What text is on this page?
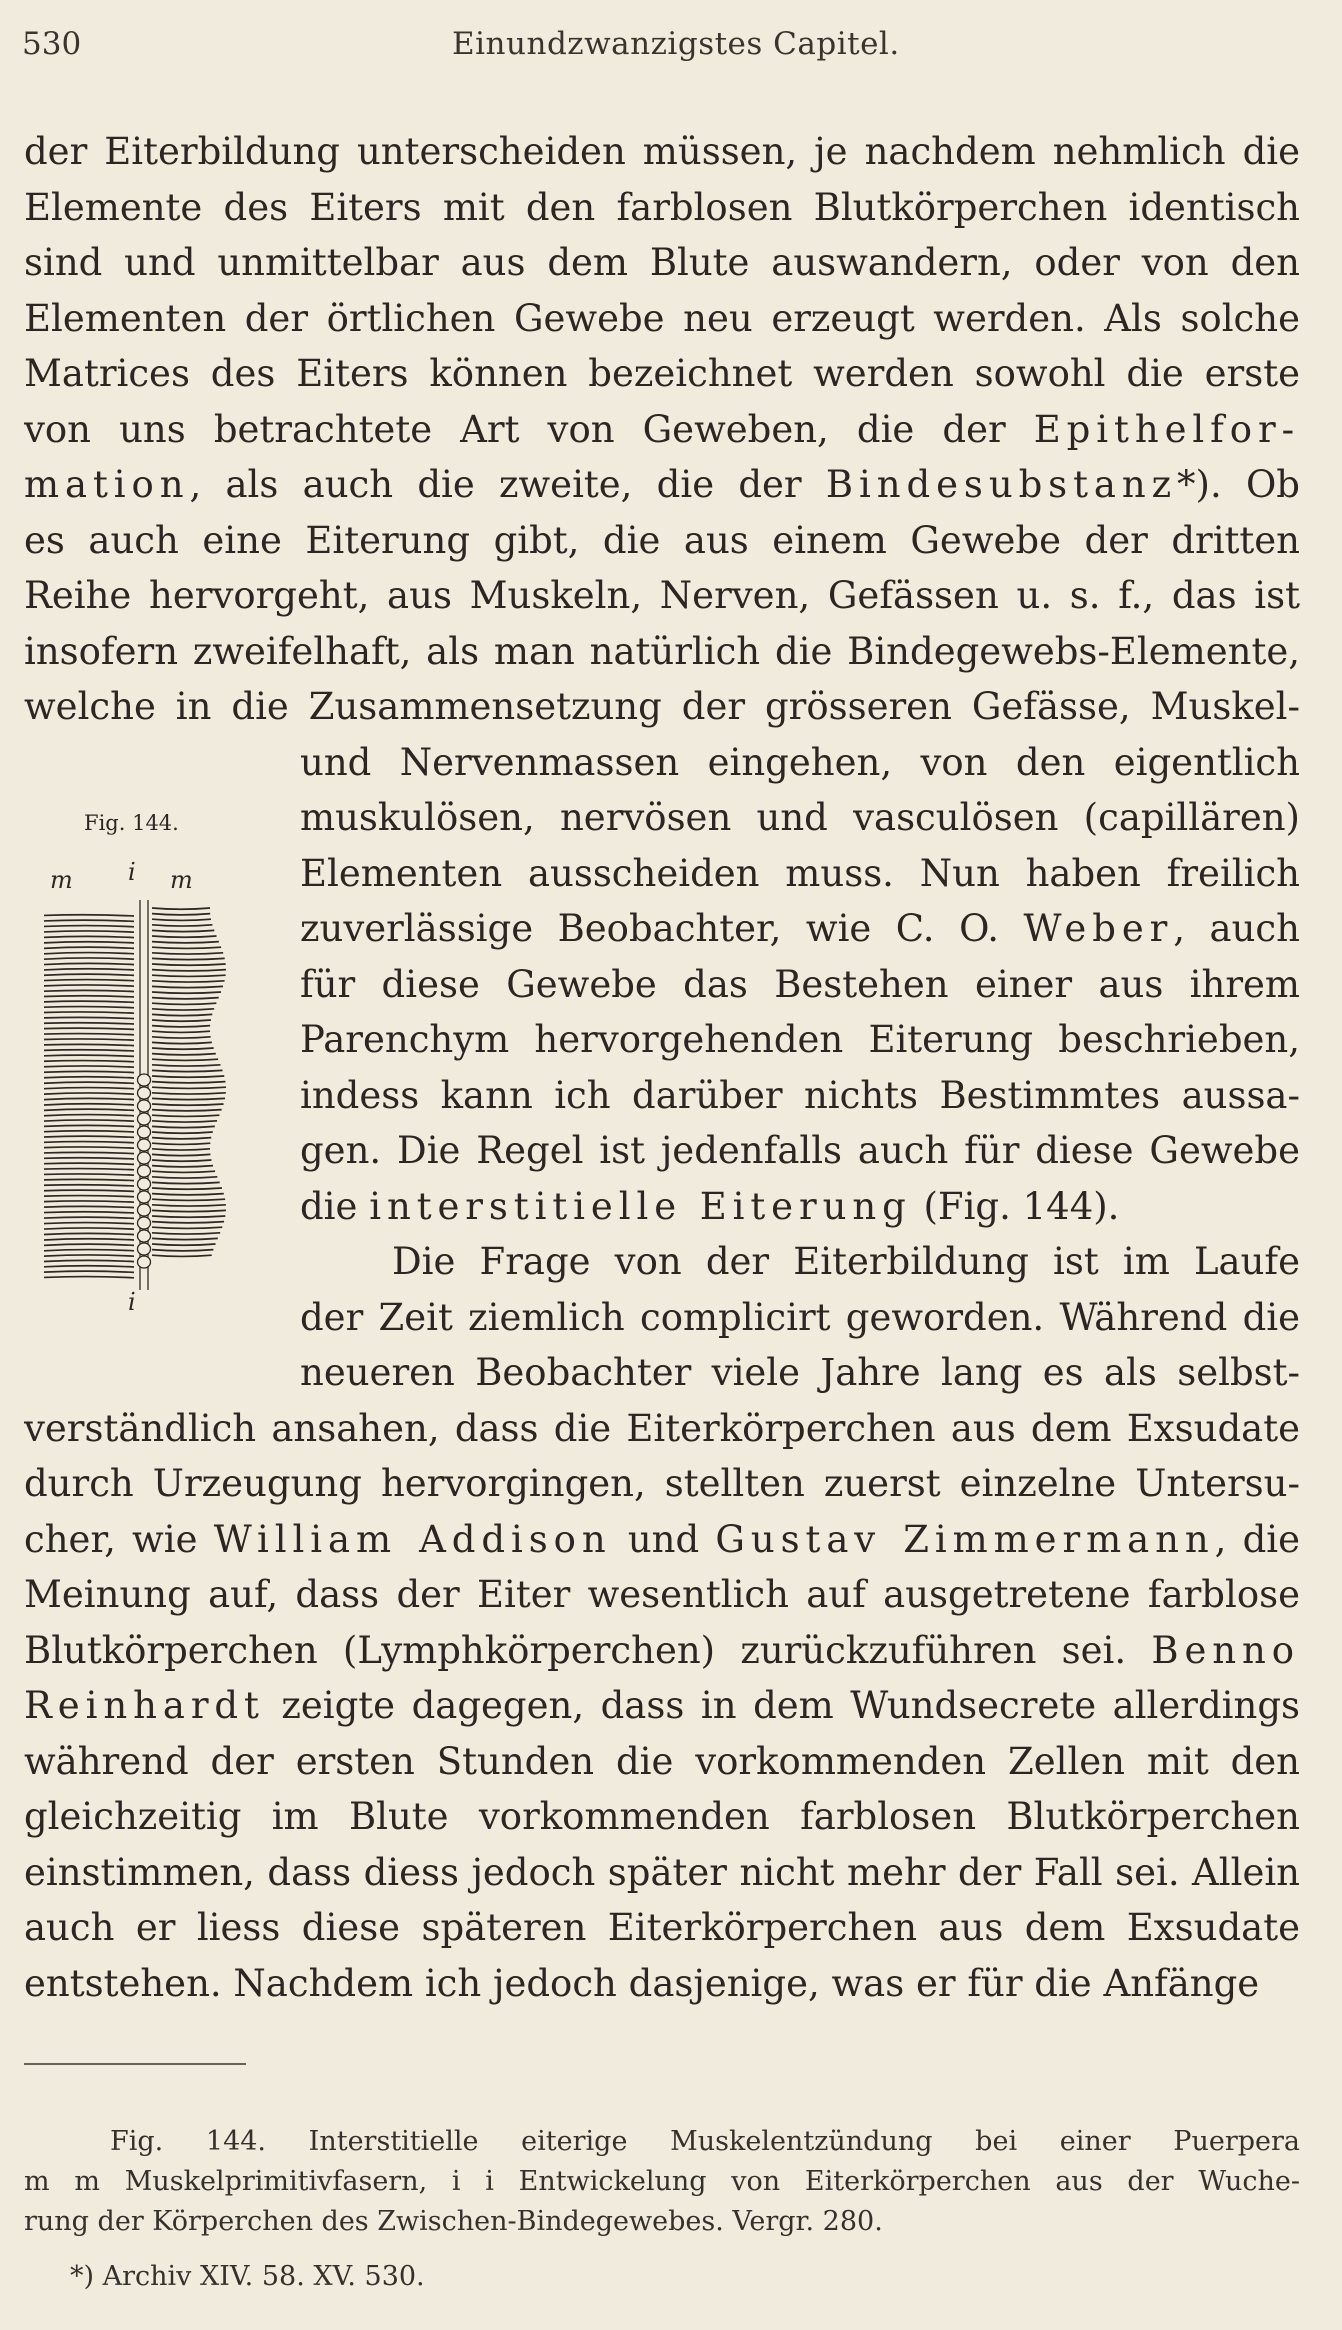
530	Einundzwanzigstes Capitel.
der Eiterbildung unterscheiden müssen, je nachdem nehmlich die
Elemente des Eiters mit den farblosen Blutkörperchen identisch
sind und unmittelbar aus dem Blute auswandern, oder von den
Elementen der örtlichen Gewebe neu erzeugt werden. Als solche
Matrices des Eiters können bezeichnet werden sowohl die erste
von uns betrachtete Art von Geweben, die der Epithelfor-
mation, als auch die zweite, die der Bindesubstanz*). Ob
es auch eine Eiterung gibt, die aus einem Gewebe der dritten
Reihe hervorgeht, aus Muskeln, Nerven, Gefässen u. s. f., das ist
insofern zweifelhaft, als man natürlich die Bindegewebs-Elemente,
welche in die Zusammensetzung der grösseren Gefässe, Muskel-
und Nervenmassen eingehen, von den eigentlich
muskulösen, nervösen und vasculösen (capillären)
Elementen ausscheiden muss. Nun haben freilich
zuverlässige Beobachter, wie C. O. Weber, auch
für diese Gewebe das Bestehen einer aus ihrem
Parenchym hervorgehenden Eiterung beschrieben,
indess kann ich darüber nichts Bestimmtes aussa-
gen. Die Regel ist jedenfalls auch für diese Gewebe
die interstitielle Eiterung (Fig. 144).
Die Frage von der Eiterbildung ist im Laufe
der Zeit ziemlich complicirt geworden. Während die
neueren Beobachter viele Jahre lang es als selbst-
verständlich ansahen, dass die Eiterkörperchen aus dem Exsudate
durch Urzeugung hervorgingen, stellten zuerst einzelne Untersu-
cher, wie William Addison und Gustav Zimmermann, die
Meinung auf, dass der Eiter wesentlich auf ausgetretene farblose
Blutkörperchen (Lymphkörperchen) zurückzuführen sei. Benno
Reinhardt zeigte dagegen, dass in dem Wundsecrete allerdings
während der ersten Stunden die vorkommenden Zellen mit den
gleichzeitig im Blute vorkommenden farblosen Blutkörperchen
einstimmen, dass diess jedoch später nicht mehr der Fall sei. Allein
auch er liess diese späteren Eiterkörperchen aus dem Exsudate
entstehen. Nachdem ich jedoch dasjenige, was er für die Anfänge
Fig. 144.
m i m
i
Fig. 144. Interstitielle eiterige Muskelentzündung bei einer Puerpera
m m Muskelprimitivfasern, i i Entwickelung von Eiterkörperchen aus der Wuche-
rung der Körperchen des Zwischen-Bindegewebes. Vergr. 280.
*) Archiv XIV. 58. XV. 530.
